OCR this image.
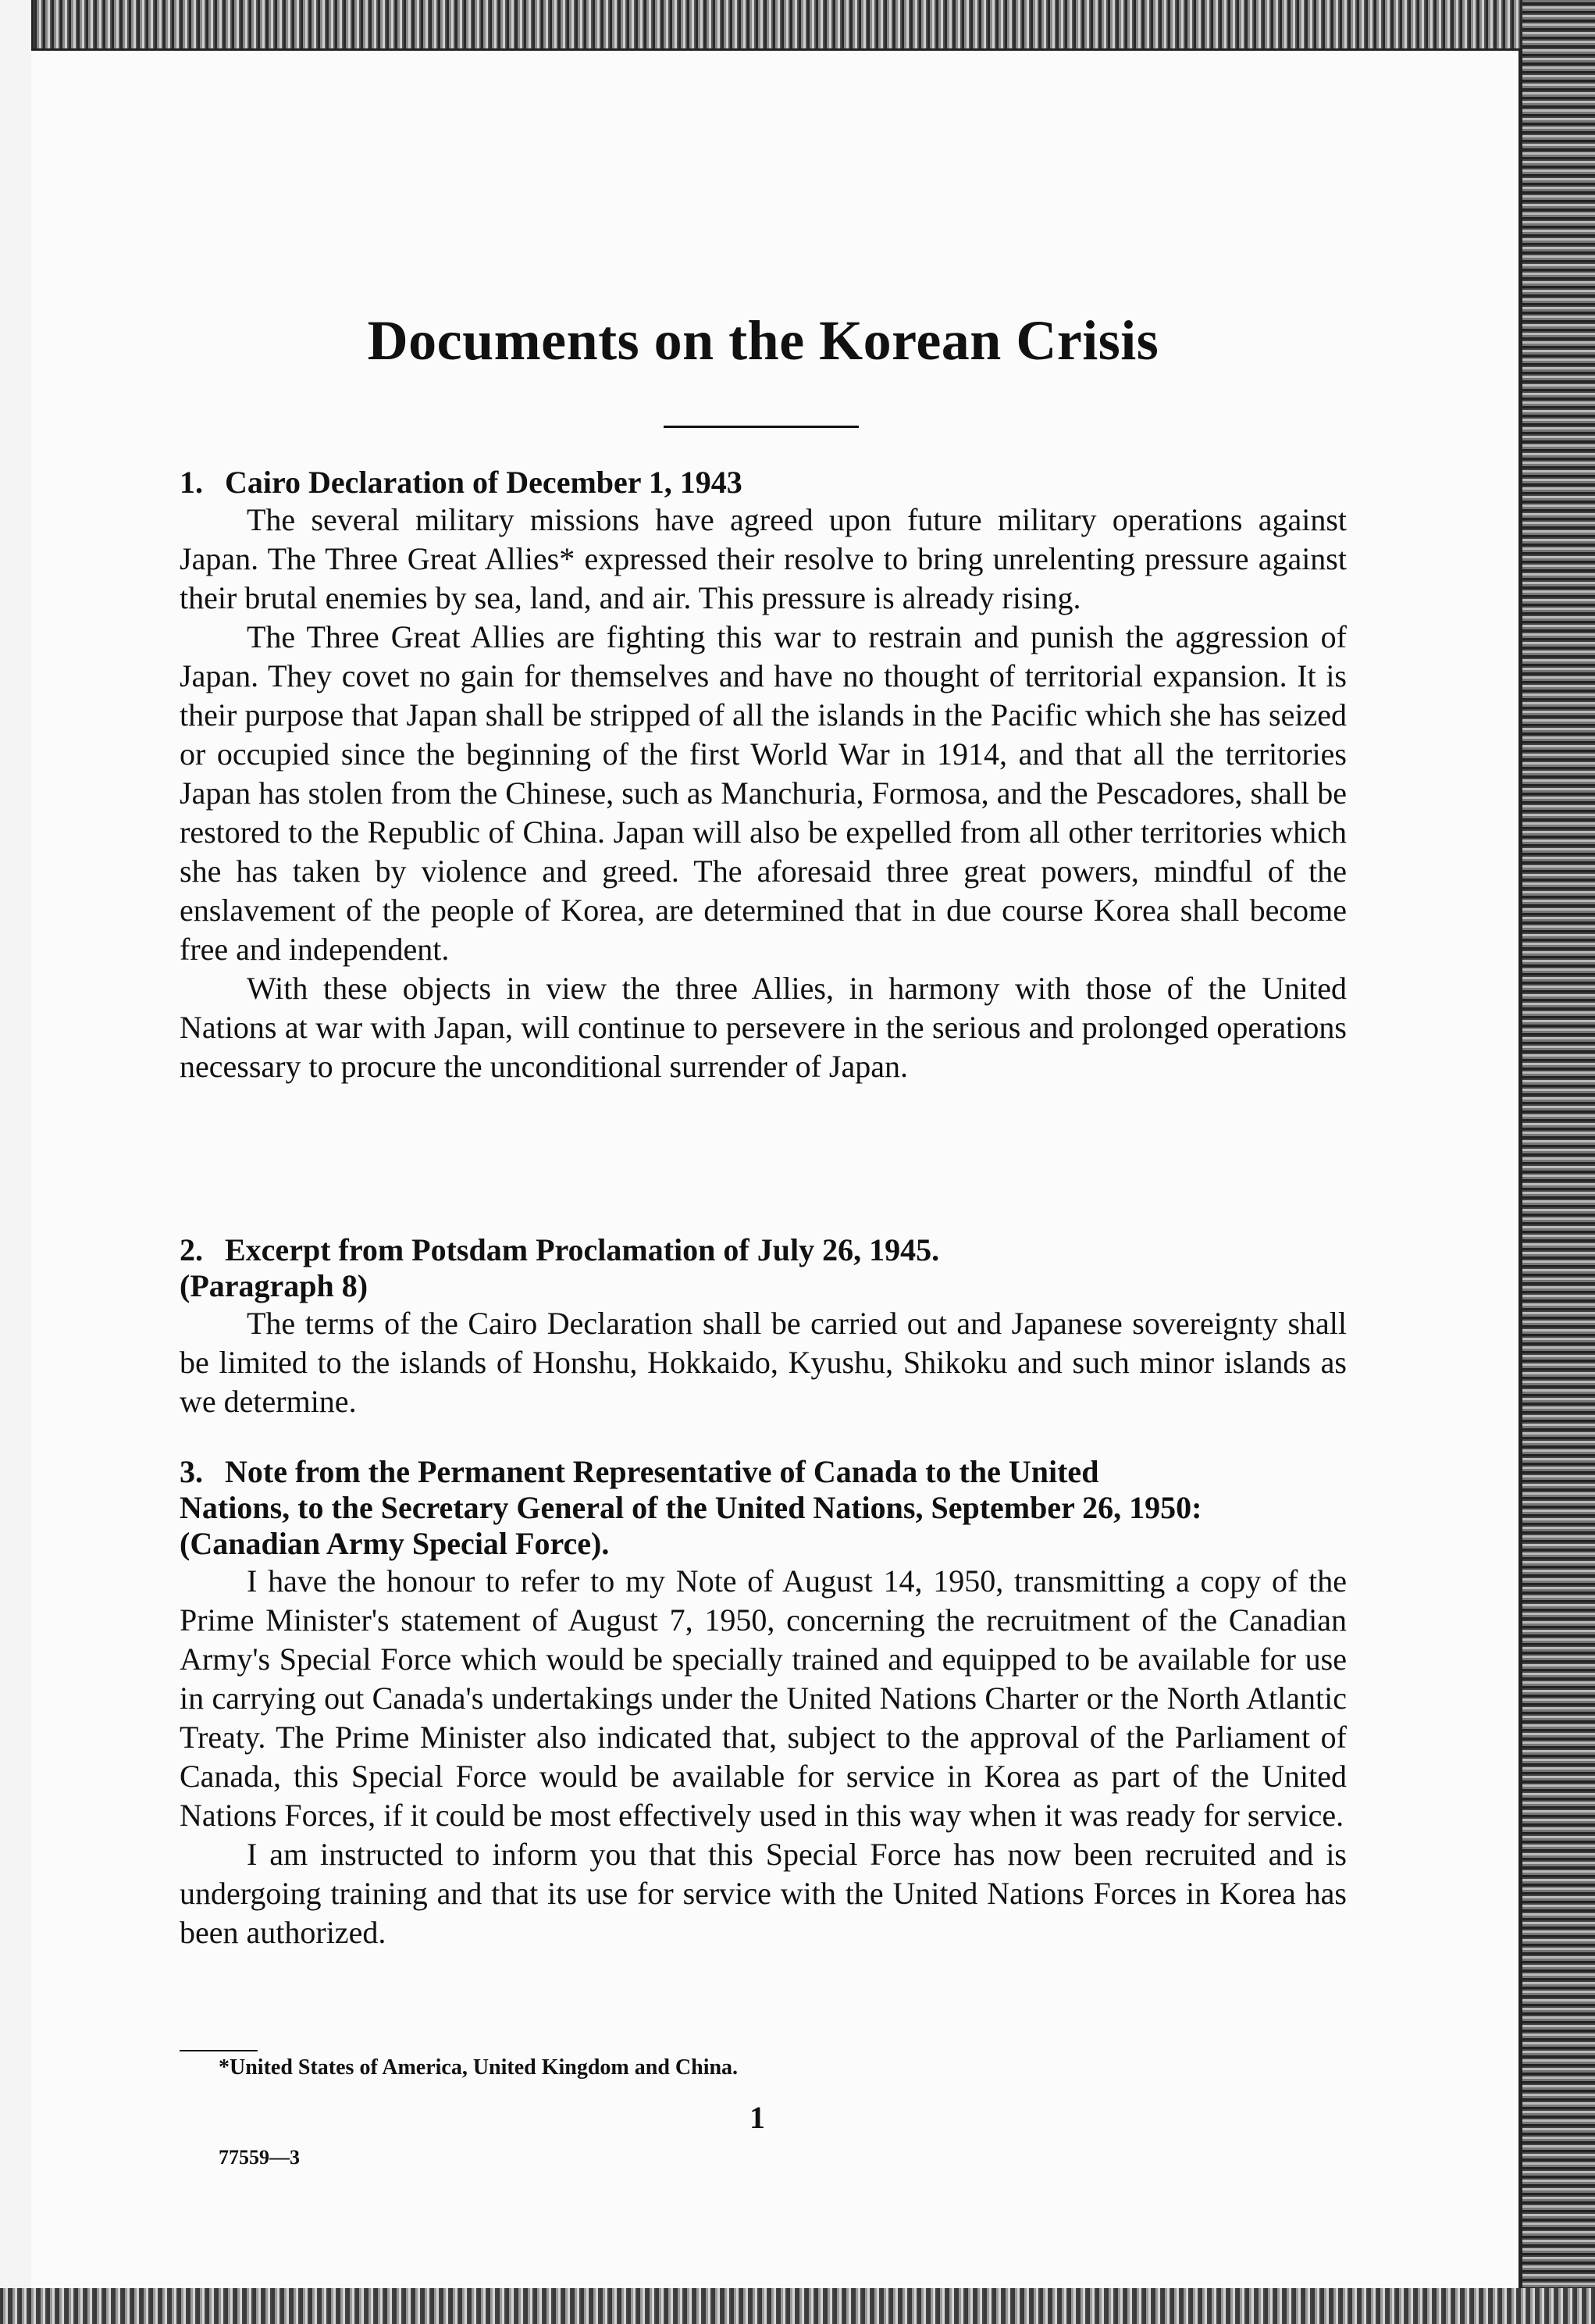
Documents on the Korean Crisis
1. Cairo Declaration of December 1, 1943

The several military missions have agreed upon future military operations against Japan. The Three Great Allies* expressed their resolve to bring unrelenting pressure against their brutal enemies by sea, land, and air. This pressure is already rising.

The Three Great Allies are fighting this war to restrain and punish the aggression of Japan. They covet no gain for themselves and have no thought of territorial expansion. It is their purpose that Japan shall be stripped of all the islands in the Pacific which she has seized or occupied since the beginning of the first World War in 1914, and that all the territories Japan has stolen from the Chinese, such as Manchuria, Formosa, and the Pescadores, shall be restored to the Republic of China. Japan will also be expelled from all other territories which she has taken by violence and greed. The aforesaid three great powers, mindful of the enslavement of the people of Korea, are determined that in due course Korea shall become free and independent.

With these objects in view the three Allies, in harmony with those of the United Nations at war with Japan, will continue to persevere in the serious and prolonged operations necessary to procure the unconditional surrender of Japan.

2. Excerpt from Potsdam Proclamation of July 26, 1945.
(Paragraph 8)

The terms of the Cairo Declaration shall be carried out and Japanese sovereignty shall be limited to the islands of Honshu, Hokkaido, Kyushu, Shikoku and such minor islands as we determine.

3. Note from the Permanent Representative of Canada to the United
Nations, to the Secretary General of the United Nations, September 26, 1950: (Canadian Army Special Force).

I have the honour to refer to my Note of August 14, 1950, transmitting a copy of the Prime Minister's statement of August 7, 1950, concerning the recruitment of the Canadian Army's Special Force which would be specially trained and equipped to be available for use in carrying out Canada's undertakings under the United Nations Charter or the North Atlantic Treaty. The Prime Minister also indicated that, subject to the approval of the Parliament of Canada, this Special Force would be available for service in Korea as part of the United Nations Forces, if it could be most effectively used in this way when it was ready for service.

I am instructed to inform you that this Special Force has now been recruited and is undergoing training and that its use for service with the United Nations Forces in Korea has been authorized.

*United States of America, United Kingdom and China.
1
77559—3
